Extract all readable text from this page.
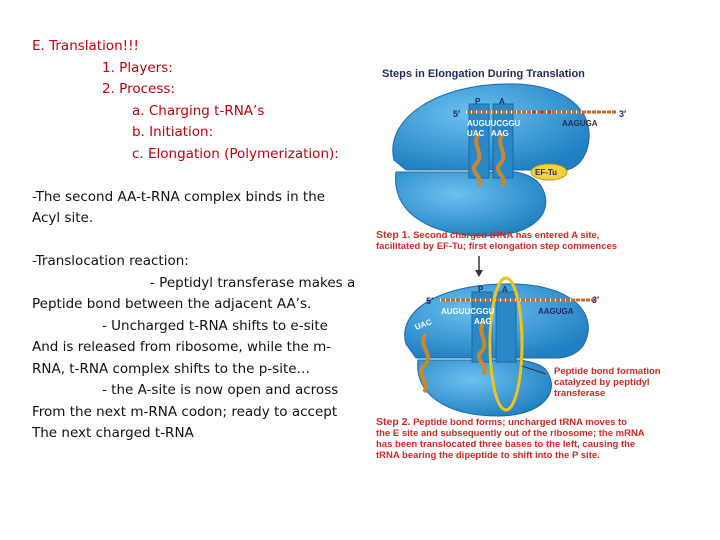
E. Translation!!!
1. Players:
2. Process:
a. Charging t-RNA’s
b. Initiation:
c. Elongation (Polymerization):
-The second AA-t-RNA complex binds in the
Acyl site.
-Translocation reaction:
- Peptidyl transferase makes a
Peptide bond between the adjacent AA’s.
- Uncharged t-RNA shifts to e-site
And is released from ribosome, while the m-
RNA, t-RNA complex shifts to the p-site…
- the A-site is now open and across
From the next m-RNA codon; ready to accept
The next charged t-RNA
Steps in Elongation During Translation
5′	3′
P A
AUGUUCGGU	AAGUGA
UAC AAG
EF-Tu
Step 1. Second charged tRNA has entered A site,
facilitated by EF-Tu; first elongation step commences
5′	3′
P A
AUGUUCGGU	AAGUGA
UAC	AAG
Peptide bond formation
catalyzed by peptidyl
transferase
Step 2. Peptide bond forms; uncharged tRNA moves to
the E site and subsequently out of the ribosome; the mRNA
has been translocated three bases to the left, causing the
tRNA bearing the dipeptide to shift into the P site.
